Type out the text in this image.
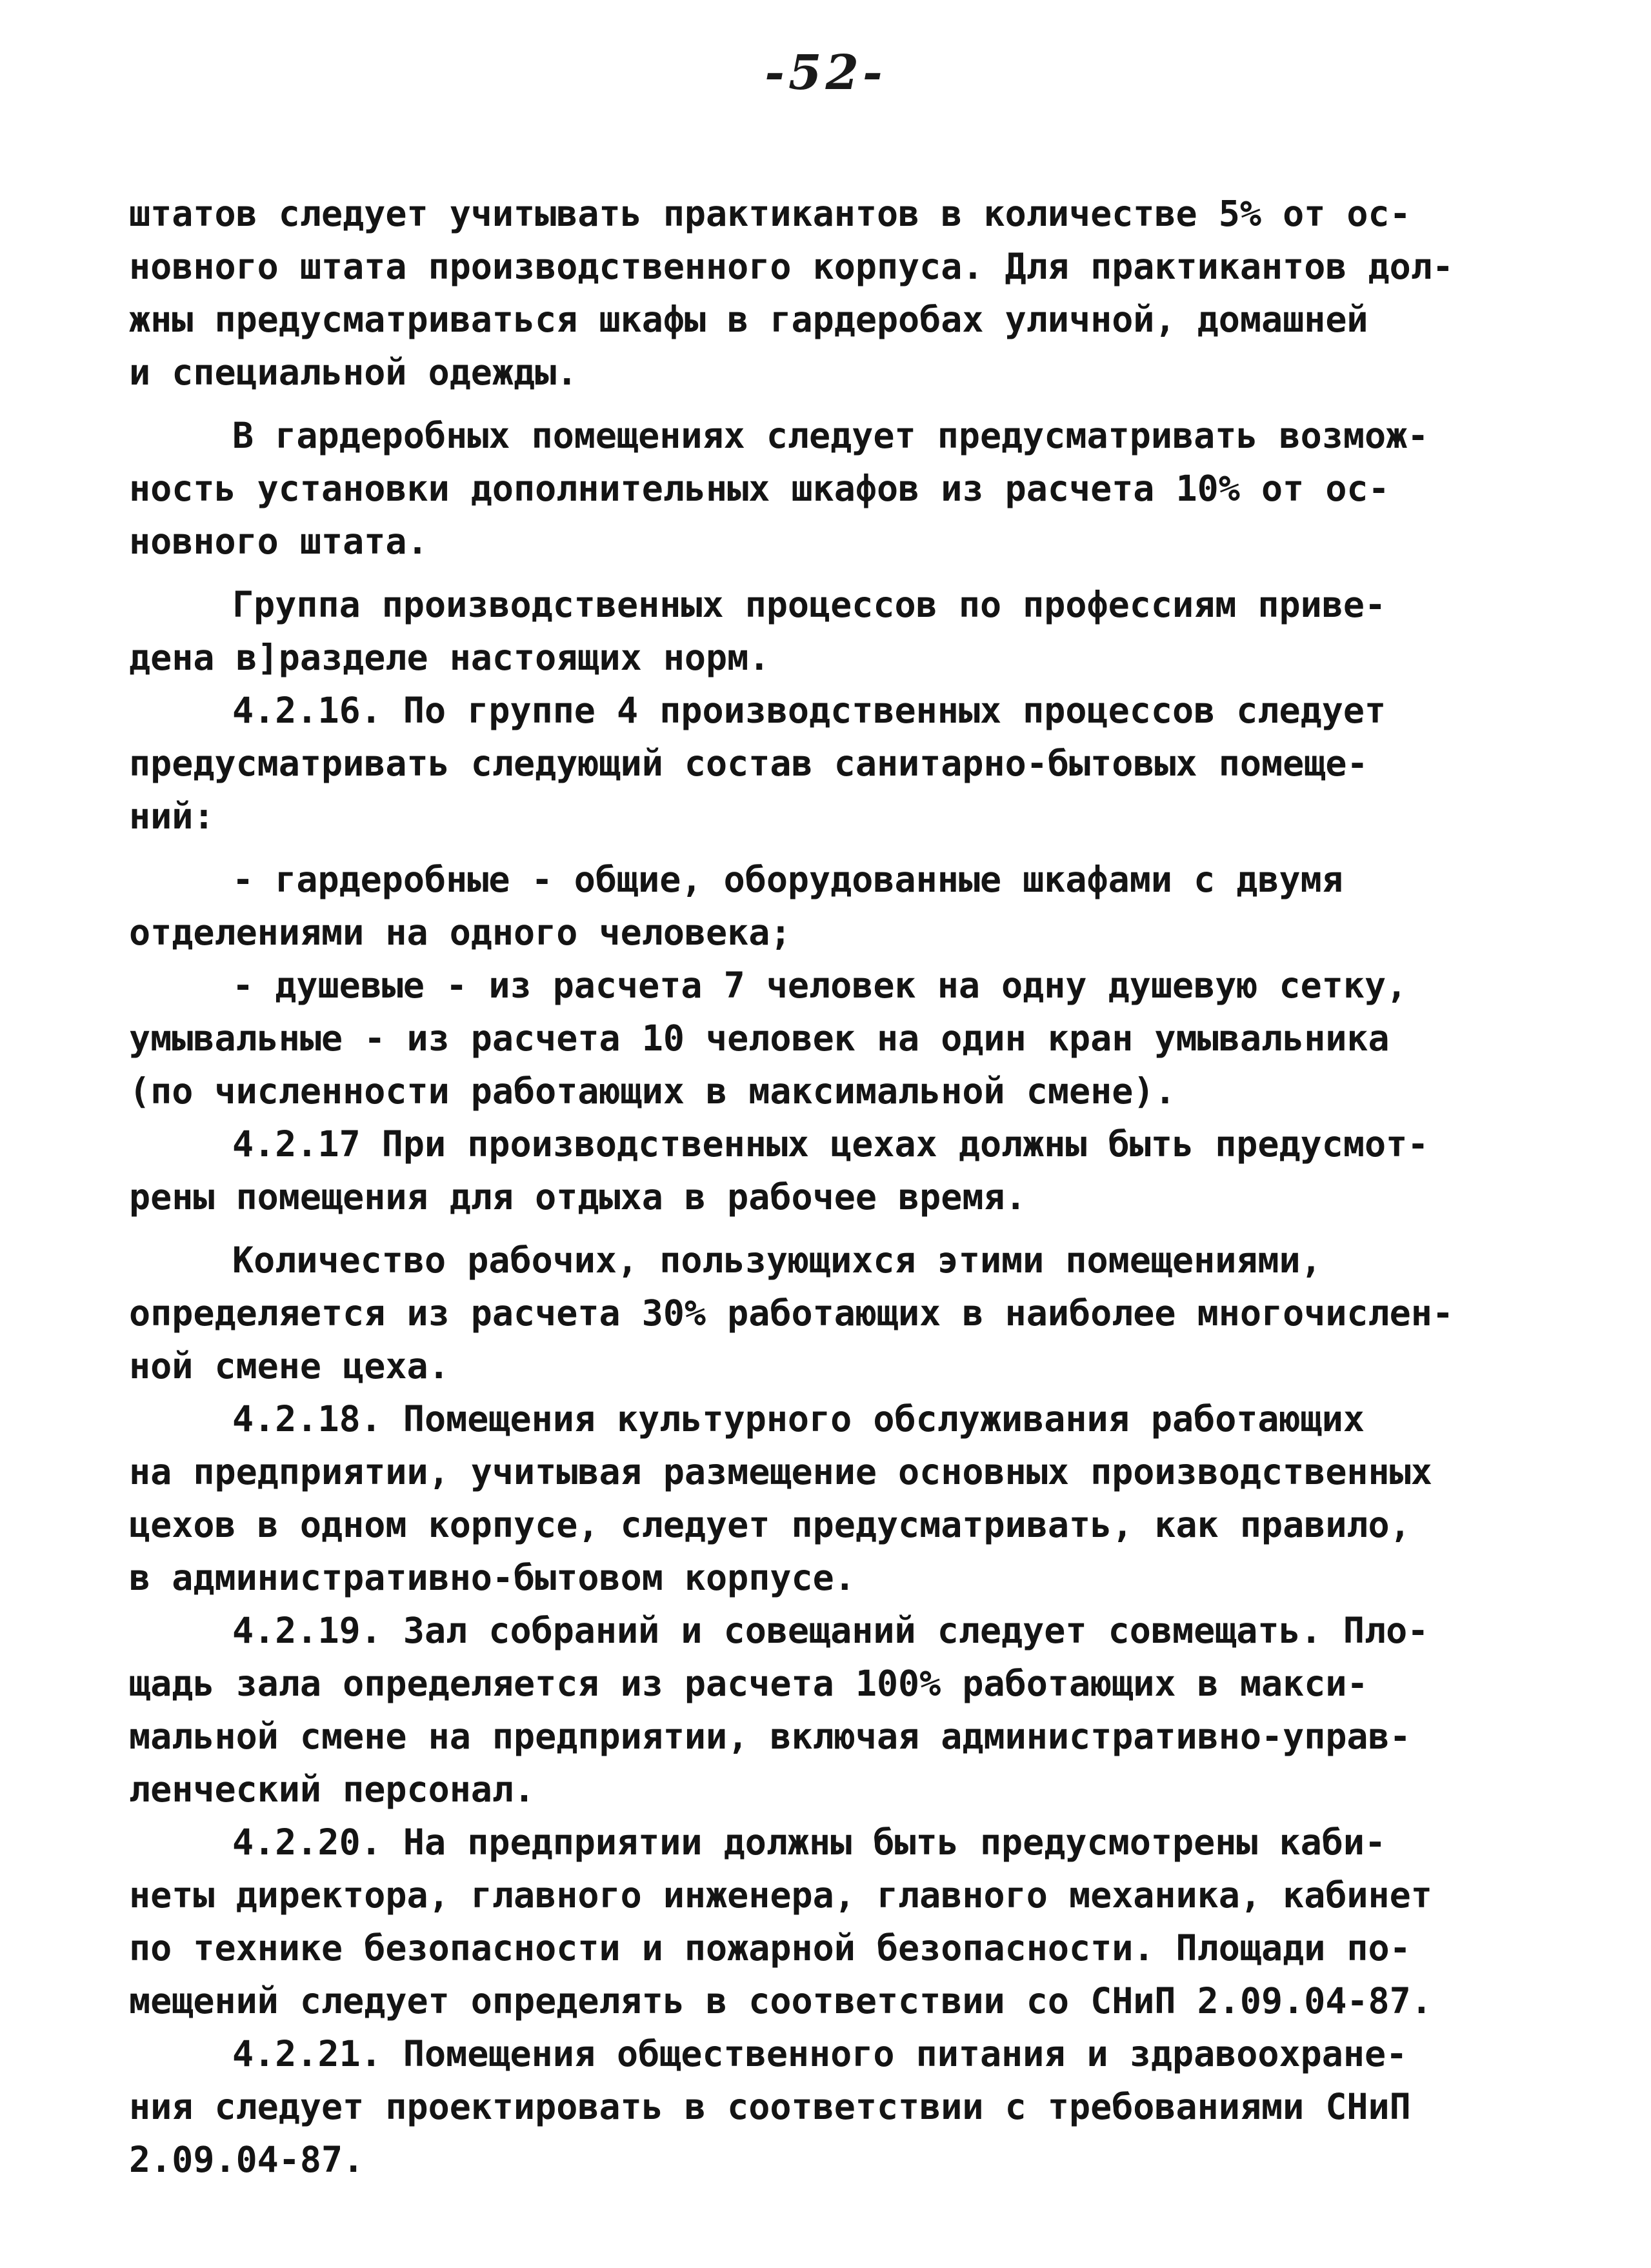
-52-
штатов следует учитывать практикантов в количестве 5% от ос-
новного штата производственного корпуса. Для практикантов дол-
жны предусматриваться шкафы в гардеробах уличной, домашней
и специальной одежды.
В гардеробных помещениях следует предусматривать возмож-
ность установки дополнительных шкафов из расчета 10% от ос-
новного штата.
Группа производственных процессов по профессиям приве-
дена в]разделе настоящих норм.
4.2.16. По группе 4 производственных процессов следует
предусматривать следующий состав санитарно-бытовых помеще-
ний:
- гардеробные - общие, оборудованные шкафами с двумя
отделениями на одного человека;
- душевые - из расчета 7 человек на одну душевую сетку,
умывальные - из расчета 10 человек на один кран умывальника
(по численности работающих в максимальной смене).
4.2.17 При производственных цехах должны быть предусмот-
рены помещения для отдыха в рабочее время.
Количество рабочих, пользующихся этими помещениями,
определяется из расчета 30% работающих в наиболее многочислен-
ной смене цеха.
4.2.18. Помещения культурного обслуживания работающих
на предприятии, учитывая размещение основных производственных
цехов в одном корпусе, следует предусматривать, как правило,
в административно-бытовом корпусе.
4.2.19. Зал собраний и совещаний следует совмещать. Пло-
щадь зала определяется из расчета 100% работающих в макси-
мальной смене на предприятии, включая административно-управ-
ленческий персонал.
4.2.20. На предприятии должны быть предусмотрены каби-
неты директора, главного инженера, главного механика, кабинет
по технике безопасности и пожарной безопасности. Площади по-
мещений следует определять в соответствии со СНиП 2.09.04-87.
4.2.21. Помещения общественного питания и здравоохране-
ния следует проектировать в соответствии с требованиями СНиП
2.09.04-87.
